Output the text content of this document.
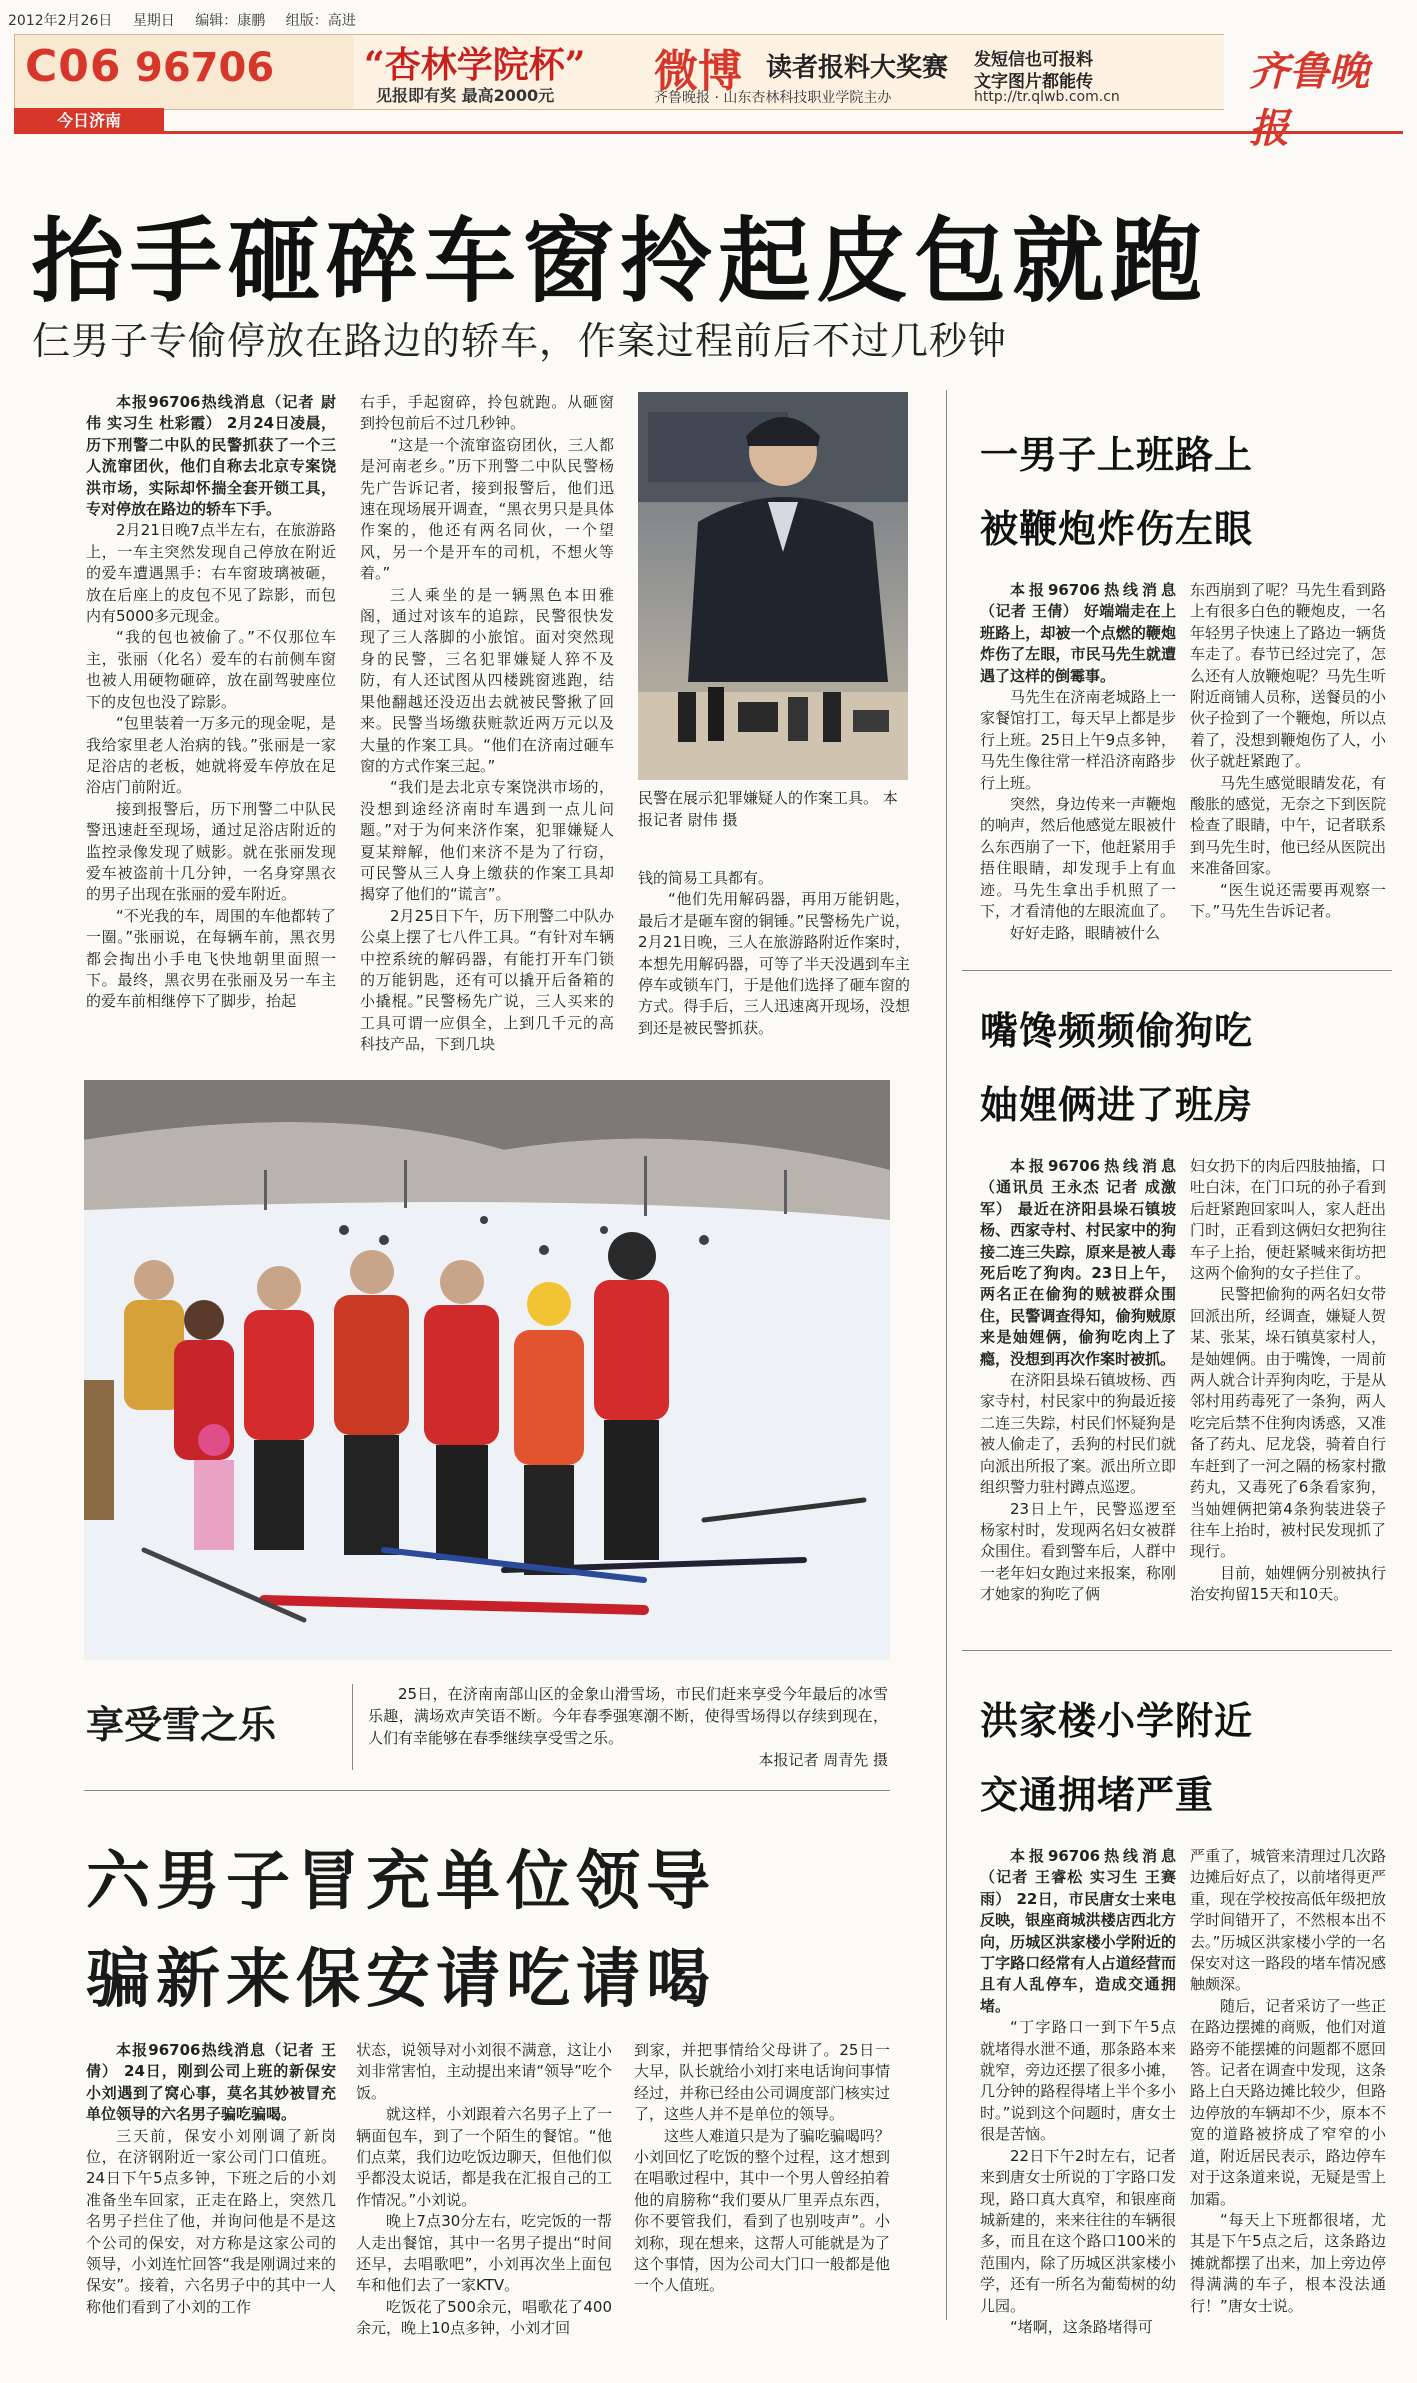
2012年2月26日 星期日 编辑：康鹏 组版：高进
C06 96706
今日济南
“杏林学院杯”
见报即有奖 最高2000元 微博 读者报料大奖赛
齐鲁晚报 · 山东杏林科技职业学院主办
发短信也可报料
文字图片都能传
http://tr.qlwb.com.cn
齐鲁晚报
抬手砸碎车窗拎起皮包就跑
仨男子专偷停放在路边的轿车，作案过程前后不过几秒钟

本报96706热线消息（记者 尉伟 实习生 杜彩霞） 2月24日凌晨，历下刑警二中队的民警抓获了一个三人流窜团伙，他们自称去北京专案饶洪市场，实际却怀揣全套开锁工具，专对停放在路边的轿车下手。

2月21日晚7点半左右，在旅游路上，一车主突然发现自己停放在附近的爱车遭遇黑手：右车窗玻璃被砸，放在后座上的皮包不见了踪影，而包内有5000多元现金。

“我的包也被偷了。”不仅那位车主，张丽（化名）爱车的右前侧车窗也被人用硬物砸碎，放在副驾驶座位下的皮包也没了踪影。

“包里装着一万多元的现金呢，是我给家里老人治病的钱。”张丽是一家足浴店的老板，她就将爱车停放在足浴店门前附近。

接到报警后，历下刑警二中队民警迅速赶至现场，通过足浴店附近的监控录像发现了贼影。就在张丽发现爱车被盗前十几分钟，一名身穿黑衣的男子出现在张丽的爱车附近。

“不光我的车，周围的车他都转了一圈。”张丽说，在每辆车前，黑衣男都会掏出小手电飞快地朝里面照一下。最终，黑衣男在张丽及另一车主的爱车前相继停下了脚步，抬起

右手，手起窗碎，拎包就跑。从砸窗到拎包前后不过几秒钟。

“这是一个流窜盗窃团伙，三人都是河南老乡。”历下刑警二中队民警杨先广告诉记者，接到报警后，他们迅速在现场展开调查，“黑衣男只是具体作案的，他还有两名同伙，一个望风，另一个是开车的司机，不想火等着。”

三人乘坐的是一辆黑色本田雅阁，通过对该车的追踪，民警很快发现了三人落脚的小旅馆。面对突然现身的民警，三名犯罪嫌疑人猝不及防，有人还试图从四楼跳窗逃跑，结果他翻越还没迈出去就被民警揪了回来。民警当场缴获赃款近两万元以及大量的作案工具。“他们在济南过砸车窗的方式作案三起。”

“我们是去北京专案饶洪市场的，没想到途经济南时车遇到一点儿问题。”对于为何来济作案，犯罪嫌疑人夏某辩解，他们来济不是为了行窃，可民警从三人身上缴获的作案工具却揭穿了他们的“谎言”。

2月25日下午，历下刑警二中队办公桌上摆了七八件工具。“有针对车辆中控系统的解码器，有能打开车门锁的万能钥匙，还有可以撬开后备箱的小撬棍。”民警杨先广说，三人买来的工具可谓一应俱全，上到几千元的高科技产品，下到几块

民警在展示犯罪嫌疑人的作案工具。 本报记者 尉伟 摄

钱的简易工具都有。

“他们先用解码器，再用万能钥匙，最后才是砸车窗的铜锤。”民警杨先广说，2月21日晚，三人在旅游路附近作案时，本想先用解码器，可等了半天没遇到车主停车或锁车门，于是他们选择了砸车窗的方式。得手后，三人迅速离开现场，没想到还是被民警抓获。

一男子上班路上
被鞭炮炸伤左眼

本报96706热线消息（记者 王倩） 好端端走在上班路上，却被一个点燃的鞭炮炸伤了左眼，市民马先生就遭遇了这样的倒霉事。

马先生在济南老城路上一家餐馆打工，每天早上都是步行上班。25日上午9点多钟，马先生像往常一样沿济南路步行上班。

突然，身边传来一声鞭炮的响声，然后他感觉左眼被什么东西崩了一下，他赶紧用手捂住眼睛，却发现手上有血迹。马先生拿出手机照了一下，才看清他的左眼流血了。

好好走路，眼睛被什么

东西崩到了呢？马先生看到路上有很多白色的鞭炮皮，一名年轻男子快速上了路边一辆货车走了。春节已经过完了，怎么还有人放鞭炮呢？马先生听附近商铺人员称，送餐员的小伙子捡到了一个鞭炮，所以点着了，没想到鞭炮伤了人，小伙子就赶紧跑了。

马先生感觉眼睛发花，有酸胀的感觉，无奈之下到医院检查了眼睛，中午，记者联系到马先生时，他已经从医院出来准备回家。

“医生说还需要再观察一下。”马先生告诉记者。

嘴馋频频偷狗吃
妯娌俩进了班房

本报96706热线消息（通讯员 王永杰 记者 成激军） 最近在济阳县垛石镇坡杨、西家寺村、村民家中的狗接二连三失踪，原来是被人毒死后吃了狗肉。23日上午，两名正在偷狗的贼被群众围住，民警调查得知，偷狗贼原来是妯娌俩，偷狗吃肉上了瘾，没想到再次作案时被抓。

在济阳县垛石镇坡杨、西家寺村，村民家中的狗最近接二连三失踪，村民们怀疑狗是被人偷走了，丢狗的村民们就向派出所报了案。派出所立即组织警力驻村蹲点巡逻。

23日上午，民警巡逻至杨家村时，发现两名妇女被群众围住。看到警车后，人群中一老年妇女跑过来报案，称刚才她家的狗吃了俩

妇女扔下的肉后四肢抽搐，口吐白沫，在门口玩的孙子看到后赶紧跑回家叫人，家人赶出门时，正看到这俩妇女把狗往车子上抬，便赶紧喊来街坊把这两个偷狗的女子拦住了。

民警把偷狗的两名妇女带回派出所，经调查，嫌疑人贺某、张某，垛石镇莫家村人，是妯娌俩。由于嘴馋，一周前两人就合计弄狗肉吃，于是从邻村用药毒死了一条狗，两人吃完后禁不住狗肉诱惑，又准备了药丸、尼龙袋，骑着自行车赶到了一河之隔的杨家村撒药丸，又毒死了6条看家狗，当妯娌俩把第4条狗装进袋子往车上抬时，被村民发现抓了现行。

目前，妯娌俩分别被执行治安拘留15天和10天。

洪家楼小学附近
交通拥堵严重

本报96706热线消息（记者 王睿松 实习生 王赛雨） 22日，市民唐女士来电反映，银座商城洪楼店西北方向，历城区洪家楼小学附近的丁字路口经常有人占道经营而且有人乱停车，造成交通拥堵。

“丁字路口一到下午5点就堵得水泄不通，那条路本来就窄，旁边还摆了很多小摊，几分钟的路程得堵上半个多小时。”说到这个问题时，唐女士很是苦恼。

22日下午2时左右，记者来到唐女士所说的丁字路口发现，路口真大真窄，和银座商城新建的，来来往往的车辆很多，而且在这个路口100米的范围内，除了历城区洪家楼小学，还有一所名为葡萄树的幼儿园。

“堵啊，这条路堵得可

严重了，城管来清理过几次路边摊后好点了，以前堵得更严重，现在学校按高低年级把放学时间错开了，不然根本出不去。”历城区洪家楼小学的一名保安对这一路段的堵车情况感触颇深。

随后，记者采访了一些正在路边摆摊的商贩，他们对道路旁不能摆摊的问题都不愿回答。记者在调查中发现，这条路上白天路边摊比较少，但路边停放的车辆却不少，原本不宽的道路被挤成了窄窄的小道，附近居民表示，路边停车对于这条道来说，无疑是雪上加霜。

“每天上下班都很堵，尤其是下午5点之后，这条路边摊就都摆了出来，加上旁边停得满满的车子，根本没法通行！”唐女士说。

享受雪之乐
25日，在济南南部山区的金象山滑雪场，市民们赶来享受今年最后的冰雪乐趣，满场欢声笑语不断。今年春季强寒潮不断，使得雪场得以存续到现在，人们有幸能够在春季继续享受雪之乐。
本报记者 周青先 摄
六男子冒充单位领导
骗新来保安请吃请喝

本报96706热线消息（记者 王倩） 24日，刚到公司上班的新保安小刘遇到了窝心事，莫名其妙被冒充单位领导的六名男子骗吃骗喝。

三天前，保安小刘刚调了新岗位，在济钢附近一家公司门口值班。24日下午5点多钟，下班之后的小刘准备坐车回家，正走在路上，突然几名男子拦住了他，并询问他是不是这个公司的保安，对方称是这家公司的领导，小刘连忙回答“我是刚调过来的保安”。接着，六名男子中的其中一人称他们看到了小刘的工作

状态，说领导对小刘很不满意，这让小刘非常害怕，主动提出来请“领导”吃个饭。

就这样，小刘跟着六名男子上了一辆面包车，到了一个陌生的餐馆。“他们点菜，我们边吃饭边聊天，但他们似乎都没太说话，都是我在汇报自己的工作情况。”小刘说。

晚上7点30分左右，吃完饭的一帮人走出餐馆，其中一名男子提出“时间还早，去唱歌吧”，小刘再次坐上面包车和他们去了一家KTV。

吃饭花了500余元，唱歌花了400余元，晚上10点多钟，小刘才回

到家，并把事情给父母讲了。25日一大早，队长就给小刘打来电话询问事情经过，并称已经由公司调度部门核实过了，这些人并不是单位的领导。

这些人难道只是为了骗吃骗喝吗？小刘回忆了吃饭的整个过程，这才想到在唱歌过程中，其中一个男人曾经拍着他的肩膀称“我们要从厂里弄点东西，你不要管我们，看到了也别吱声”。小刘称，现在想来，这帮人可能就是为了这个事情，因为公司大门口一般都是他一个人值班。
